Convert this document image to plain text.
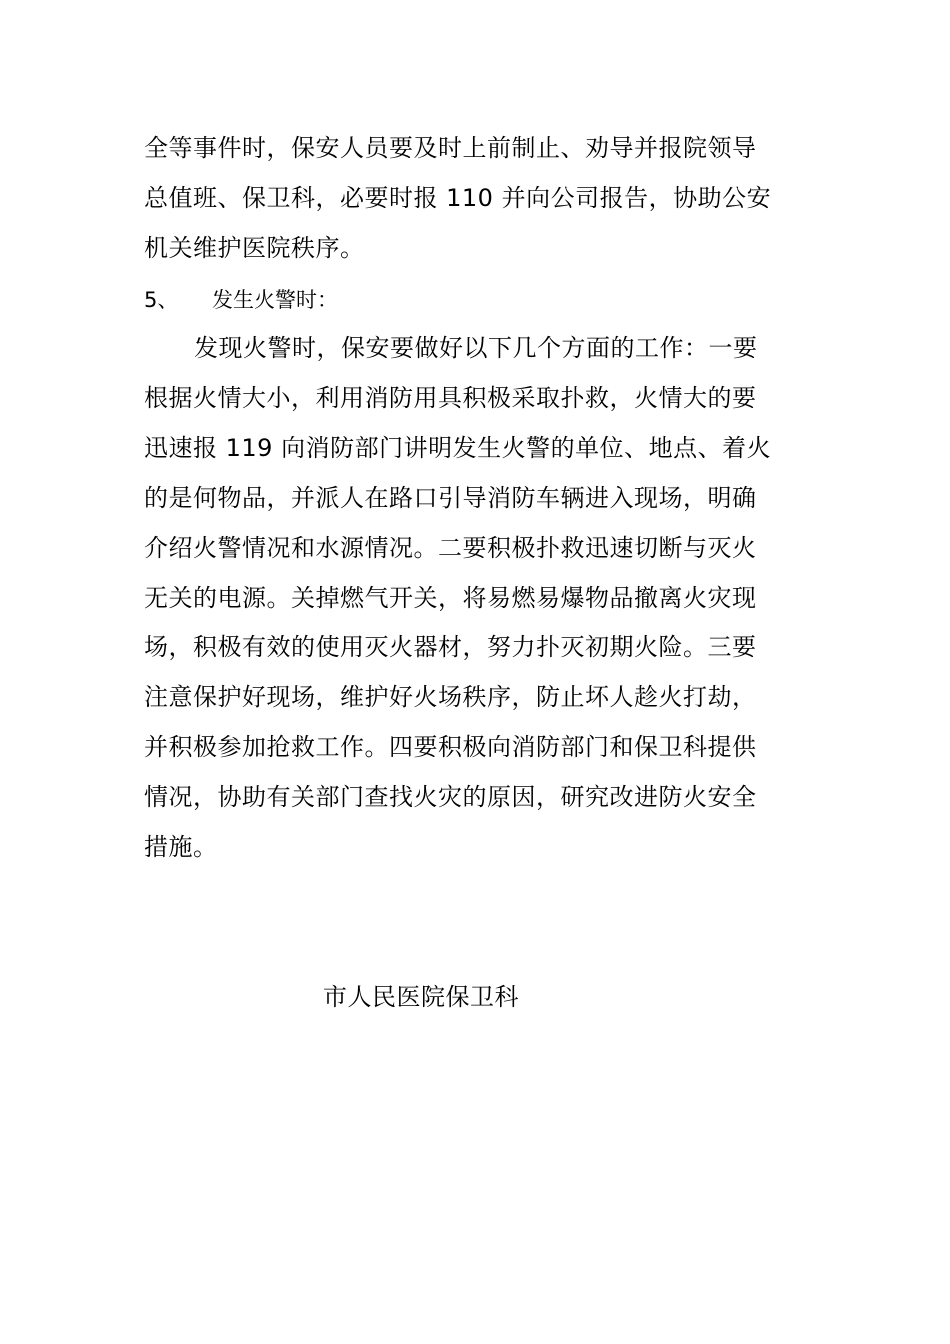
全等事件时，保安人员要及时上前制止、劝导并报院领导
总值班、保卫科，必要时报 110 并向公司报告，协助公安
机关维护医院秩序。
5、 发生火警时：
发现火警时，保安要做好以下几个方面的工作：一要
根据火情大小，利用消防用具积极采取扑救，火情大的要
迅速报 119 向消防部门讲明发生火警的单位、地点、着火
的是何物品，并派人在路口引导消防车辆进入现场，明确
介绍火警情况和水源情况。二要积极扑救迅速切断与灭火
无关的电源。关掉燃气开关，将易燃易爆物品撤离火灾现
场，积极有效的使用灭火器材，努力扑灭初期火险。三要
注意保护好现场，维护好火场秩序，防止坏人趁火打劫，
并积极参加抢救工作。四要积极向消防部门和保卫科提供
情况，协助有关部门查找火灾的原因，研究改进防火安全
措施。
市人民医院保卫科
